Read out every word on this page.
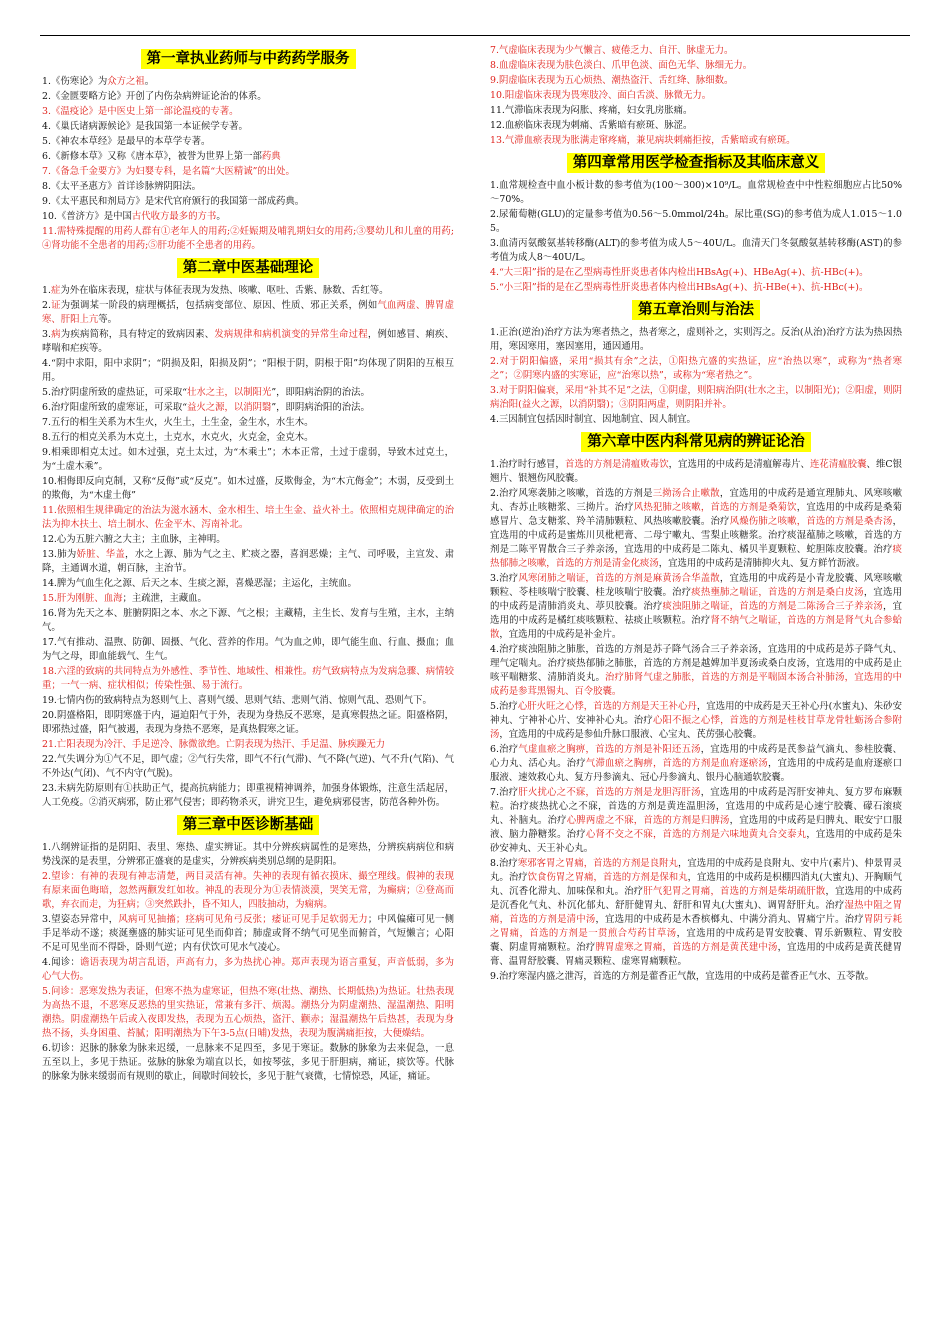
第一章执业药师与中药药学服务
1.《伤寒论》为众方之祖。
2.《金匮要略方论》开创了内伤杂病辨证论治的体系。
3.《温疫论》是中医史上第一部论温疫的专著。
4.《巢氏诸病源候论》是我国第一本证候学专著。
5.《神农本草经》是最早的本草学专著。
6.《新修本草》又称《唐本草》，被誉为世界上第一部药典
7.《备急千金要方》为妇婴专科，是名篇“大医精诚”的出处。
8.《太平圣惠方》首详诊脉辨阴阳法。
9.《太平惠民和剂局方》是宋代官府颁行的我国第一部成药典。
10.《普济方》是中国古代收方最多的方书。
11.需特殊提醒的用药人群有①老年人的用药;②妊娠期及哺乳期妇女的用药;③婴幼儿和儿童的用药;④肾功能不全患者的用药;⑤肝功能不全患者的用药。
第二章中医基础理论
1.症为外在临床表现，症状与体征表现为发热、咳嗽、呕吐、舌紫、脉数、舌红等。
2.证为强调某一阶段的病理概括，包括病变部位、原因、性质、邪正关系，例如气血两虚、脾胃虚寒、肝阳上亢等。
3.病为疾病简称，具有特定的致病因素、发病规律和病机演变的异常生命过程，例如感冒、痢疾、哮喘和疟疾等。
4.“阴中求阳，阳中求阴”；“阴损及阳，阳损及阴”；“阳根于阴，阴根于阳”均体现了阴阳的互根互用。
5.治疗阴虚所致的虚热证，可采取“壮水之主，以制阳光”，即阳病治阴的治法。
6.治疗阳虚所致的虚寒证，可采取“益火之源，以消阴翳”，即阴病治阳的治法。
7.五行的相生关系为木生火，火生土，土生金，金生水，水生木。
8.五行的相克关系为木克土，土克水，水克火，火克金，金克木。
9.相乘即相克太过。如木过强，克土太过，为“木乘土”；木本正常，土过于虚弱，导致木过克土，为“土虚木乘”。
10.相侮即反向克制，又称“反侮”或“反克”。如木过盛，反欺侮金，为“木亢侮金”；木弱，反受到土的欺侮，为“木虚土侮”
11.依照相生规律确定的治法为滋水涵木、金水相生、培土生金、益火补土。依照相克规律确定的治法为抑木扶土、培土制水、佐金平木、泻南补北。
12.心为五脏六腑之大主；主血脉，主神明。
13.肺为娇脏、华盖，水之上源、肺为气之主、贮痰之器，喜润恶燥；主气、司呼吸，主宣发、肃降，主通调水道，朝百脉，主治节。
14.脾为气血生化之源、后天之本、生痰之源，喜燥恶湿；主运化，主统血。
15.肝为刚脏、血海；主疏泄，主藏血。
16.肾为先天之本、脏腑阴阳之本、水之下源、气之根；主藏精，主生长、发育与生殖，主水，主纳气。
17.气有推动、温煦、防御、固摄、气化、营养的作用。气为血之帅，即气能生血、行血、摄血；血为气之母，即血能载气、生气。
18.六淫的致病的共同特点为外感性、季节性、地域性、相兼性。疠气致病特点为发病急骤、病情较重；一气一病、症状相似；传染性强、易于流行。
19.七情内伤的致病特点为怒则气上、喜则气缓、思则气结、悲则气消、惊则气乱、恐则气下。
20.阴盛格阳，即阴寒盛于内，逼迫阳气于外，表现为身热反不恶寒，是真寒假热之证。阳盛格阴，即邪热过盛，阳气被遏，表现为身热不恶寒，是真热假寒之证。
21.亡阳表现为冷汗、手足逆冷、脉微欲绝。亡阴表现为热汗、手足温、脉疾躁无力
22.气失调分为①气不足，即气虚；②气行失常，即气不行(气滞)、气不降(气逆)、气不升(气陷)、气不外达(气闭)、气不内守(气脱)。
23.未病先防原则有①扶助正气，提高抗病能力；即重视精神调养，加强身体锻炼，注意生活起居，人工免疫。②消灭病邪，防止邪气侵害；即药物杀灭，讲究卫生，避免病邪侵害，防范各种外伤。
第三章中医诊断基础
1.八纲辨证指的是阴阳、表里、寒热、虚实辨证。其中分辨疾病属性的是寒热，分辨疾病病位和病势浅深的是表里，分辨邪正盛衰的是虚实，分辨疾病类别总纲的是阴阳。
2.望诊：有神的表现有神志清楚，两目灵活有神。失神的表现有循衣摸床、撮空理线。假神的表现有原来面色晦暗，忽然两颧发红如妆。神乱的表现分为①表情淡漠，哭笑无常，为癫病；②登高而歌，弃衣而走，为狂病；③突然跌扑，昏不知人，四肢抽动，为痫病。
3.望姿态异常中，风病可见抽搐；痉病可见角弓反张；痿证可见手足软弱无力；中风偏瘫可见一侧手足举动不遂；痰涎壅盛的肺实证可见坐而仰首；肺虚或肾不纳气可见坐而俯首，气短懒言；心阳不足可见坐而不得卧，卧则气逆；内有伏饮可见水气凌心。
4.闻诊：谵语表现为胡言乱语，声高有力，多为热扰心神。郑声表现为语言重复，声音低弱，多为心气大伤。
5.问诊：恶寒发热为表证，但寒不热为虚寒证，但热不寒(壮热、潮热、长期低热)为热证。壮热表现为高热不退，不恶寒反恶热的里实热证，常兼有多汗、烦渴。潮热分为阴虚潮热、湿温潮热、阳明潮热。阴虚潮热午后或入夜即发热，表现为五心烦热，盗汗、颧赤；湿温潮热午后热甚，表现为身热不扬，头身困重、苔腻；阳明潮热为下午3-5点(日晡)发热，表现为腹满痛拒按，大便燥结。
6.切诊：迟脉的脉象为脉来迟缓，一息脉来不足四至，多见于寒证。数脉的脉象为去来促急，一息五至以上，多见于热证。弦脉的脉象为端直以长，如按琴弦，多见于肝胆病，痛证，痰饮等。代脉的脉象为脉来缓弱而有规则的歇止，间歇时间较长，多见于脏气衰微，七情惊恐，风证，痛证。
7.气虚临床表现为少气懒言、疲倦乏力、自汗、脉虚无力。
8.血虚临床表现为肤色淡白、爪甲色淡、面色无华、脉细无力。
9.阴虚临床表现为五心烦热、潮热盗汗、舌红绛、脉细数。
10.阳虚临床表现为畏寒肢冷、面白舌淡、脉微无力。
11.气滞临床表现为闷胀、疼痛，妇女乳房胀痛。
12.血瘀临床表现为刺痛、舌紫暗有瘀斑、脉涩。
13.气滞血瘀表现为胀满走窜疼痛，兼见病块刺痛拒按，舌紫暗或有瘀斑。
第四章常用医学检查指标及其临床意义
1.血常规检查中血小板计数的参考值为(100～300)×10⁹/L。血常规检查中中性粒细胞应占比50%～70%。
2.尿葡萄糖(GLU)的定量参考值为0.56～5.0mmol/24h。尿比重(SG)的参考值为成人1.015～1.05。
3.血清丙氨酸氨基转移酶(ALT)的参考值为成人5～40U/L。血清天门冬氨酸氨基转移酶(AST)的参考值为成人8～40U/L。
4.“大三阳”指的是在乙型病毒性肝炎患者体内检出HBsAg(+)、HBeAg(+)、抗-HBc(+)。
5.“小三阳”指的是在乙型病毒性肝炎患者体内检出HBsAg(+)、抗-HBe(+)、抗-HBc(+)。
第五章治则与治法
1.正治(逆治)治疗方法为寒者热之，热者寒之，虚则补之，实则泻之。反治(从治)治疗方法为热因热用，寒因寒用，塞因塞用，通因通用。
2.对于阴阳偏盛，采用“损其有余”之法，①阳热亢盛的实热证，应“治热以寒”，或称为“热者寒之”；②阴寒内盛的实寒证，应“治寒以热”，或称为“寒者热之”。
3.对于阴阳偏衰，采用“补其不足”之法，①阴虚，则阳病治阴(壮水之主，以制阳光)；②阳虚，则阴病治阳(益火之源，以消阴翳)；③阴阳两虚，则阴阳并补。
4.三因制宜包括因时制宜、因地制宜、因人制宜。
第六章中医内科常见病的辨证论治
1.治疗时行感冒，首选的方剂是清瘟败毒饮，宜选用的中成药是清瘟解毒片、连花清瘟胶囊、维C银翘片、银翘伤风胶囊。
2.治疗风寒袭肺之咳嗽，首选的方剂是三拗汤合止嗽散，宜选用的中成药是通宣理肺丸、风寒咳嗽丸、杏苏止咳糖浆、三拗片。治疗风热犯肺之咳嗽，首选的方剂是桑菊饮，宜选用的中成药是桑菊感冒片、急支糖浆、羚羊清肺颗粒、风热咳嗽胶囊。治疗风燥伤肺之咳嗽，首选的方剂是桑杏汤，宜选用的中成药是蜜炼川贝枇杷膏、二母宁嗽丸、雪梨止咳糖浆。治疗痰湿蕴肺之咳嗽，首选的方剂是二陈平胃散合三子养亲汤，宜选用的中成药是二陈丸、橘贝半夏颗粒、蛇胆陈皮胶囊。治疗痰热郁肺之咳嗽，首选的方剂是清金化痰汤，宜选用的中成药是清肺抑火丸、复方鲜竹沥液。
3.治疗风寒闭肺之喘证，首选的方剂是麻黄汤合华盖散，宜选用的中成药是小青龙胶囊、风寒咳嗽颗粒、苓桂咳喘宁胶囊、桂龙咳喘宁胶囊。治疗痰热壅肺之喘证，首选的方剂是桑白皮汤，宜选用的中成药是清肺消炎丸、葶贝胶囊。治疗痰浊阻肺之喘证，首选的方剂是二陈汤合三子养亲汤，宜选用的中成药是橘红痰咳颗粒、祛痰止咳颗粒。治疗肾不纳气之喘证，首选的方剂是肾气丸合参蛤散，宜选用的中成药是补金片。
4.治疗痰浊阻肺之肺胀，首选的方剂是苏子降气汤合三子养亲汤，宜选用的中成药是苏子降气丸、理气定喘丸。治疗痰热郁肺之肺胀，首选的方剂是越婢加半夏汤或桑白皮汤，宜选用的中成药是止咳平喘糖浆、清肺消炎丸。治疗肺肾气虚之肺胀，首选的方剂是平喘固本汤合补肺汤，宜选用的中成药是参茸黑锡丸、百令胶囊。
5.治疗心肝火旺之心悸，首选的方剂是天王补心丹，宜选用的中成药是天王补心丹(水蜜丸)、朱砂安神丸、宁神补心片、安神补心丸。治疗心阳不振之心悸，首选的方剂是桂枝甘草龙骨牡蛎汤合参附汤，宜选用的中成药是参仙升脉口服液、心宝丸、芪苈强心胶囊。
6.治疗气虚血瘀之胸痹，首选的方剂是补阳还五汤，宜选用的中成药是芪参益气滴丸、参桂胶囊、心力丸、活心丸。治疗气滞血瘀之胸痹，首选的方剂是血府逐瘀汤，宜选用的中成药是血府逐瘀口服液、速效救心丸、复方丹参滴丸、冠心丹参滴丸、银丹心脑通软胶囊。
7.治疗肝火扰心之不寐，首选的方剂是龙胆泻肝汤，宜选用的中成药是泻肝安神丸、复方罗布麻颗粒。治疗痰热扰心之不寐，首选的方剂是黄连温胆汤，宜选用的中成药是心速宁胶囊、礞石滚痰丸、补脑丸。治疗心脾两虚之不寐，首选的方剂是归脾汤，宜选用的中成药是归脾丸、眠安宁口服液、脑力静糖浆。治疗心肾不交之不寐，首选的方剂是六味地黄丸合交泰丸，宜选用的中成药是朱砂安神丸、天王补心丸。
8.治疗寒邪客胃之胃痛，首选的方剂是良附丸，宜选用的中成药是良附丸、安中片(素片)、仲景胃灵丸。治疗饮食伤胃之胃痛，首选的方剂是保和丸，宜选用的中成药是枳棚四消丸(大蜜丸)、开胸顺气丸、沉香化滞丸、加味保和丸。治疗肝气犯胃之胃痛，首选的方剂是柴胡疏肝散，宜选用的中成药是沉香化气丸、朴沉化郁丸、舒肝健胃丸、舒肝和胃丸(大蜜丸)、调胃舒肝丸。治疗湿热中阻之胃痛，首选的方剂是清中汤，宜选用的中成药是木香槟榔丸、中满分消丸、胃痛宁片。治疗胃阴亏耗之胃痛，首选的方剂是一贯煎合芍药甘草汤，宜选用的中成药是胃安胶囊、胃乐新颗粒、胃安胶囊、阴虚胃痛颗粒。治疗脾胃虚寒之胃痛，首选的方剂是黄芪建中汤，宜选用的中成药是黄芪健胃膏、温胃舒胶囊、胃痛灵颗粒、虚寒胃痛颗粒。
9.治疗寒湿内盛之泄泻，首选的方剂是藿香正气散，宜选用的中成药是藿香正气水、五苓散。
